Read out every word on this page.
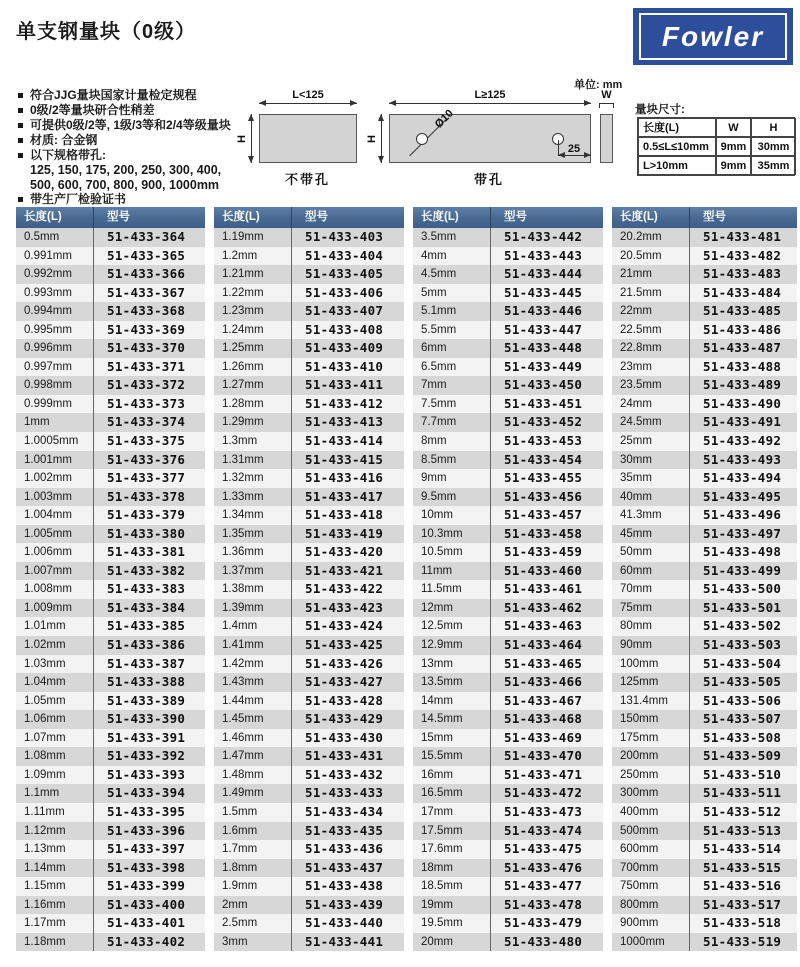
单支钢量块（0级）	Fowler
符合JJG量块国家计量检定规程
0级/2等量块研合性稍差
可提供0级/2等, 1级/3等和2/4等级量块
材质: 合金钢
以下规格带孔:
125, 150, 175, 200, 250, 300, 400,
500, 600, 700, 800, 900, 1000mm
带生产厂检验证书
单位: mm
L<125
H
不带孔
L≥125
H
Ø10
25
带孔
W
量块尺寸:
长度(L)	W	H
0.5≤L≤10mm	9mm	30mm
L>10mm	9mm	35mm
长度(L)	型号
0.5mm	51-433-364
0.991mm	51-433-365
0.992mm	51-433-366
0.993mm	51-433-367
0.994mm	51-433-368
0.995mm	51-433-369
0.996mm	51-433-370
0.997mm	51-433-371
0.998mm	51-433-372
0.999mm	51-433-373
1mm	51-433-374
1.0005mm	51-433-375
1.001mm	51-433-376
1.002mm	51-433-377
1.003mm	51-433-378
1.004mm	51-433-379
1.005mm	51-433-380
1.006mm	51-433-381
1.007mm	51-433-382
1.008mm	51-433-383
1.009mm	51-433-384
1.01mm	51-433-385
1.02mm	51-433-386
1.03mm	51-433-387
1.04mm	51-433-388
1.05mm	51-433-389
1.06mm	51-433-390
1.07mm	51-433-391
1.08mm	51-433-392
1.09mm	51-433-393
1.1mm	51-433-394
1.11mm	51-433-395
1.12mm	51-433-396
1.13mm	51-433-397
1.14mm	51-433-398
1.15mm	51-433-399
1.16mm	51-433-400
1.17mm	51-433-401
1.18mm	51-433-402
长度(L)	型号
1.19mm	51-433-403
1.2mm	51-433-404
1.21mm	51-433-405
1.22mm	51-433-406
1.23mm	51-433-407
1.24mm	51-433-408
1.25mm	51-433-409
1.26mm	51-433-410
1.27mm	51-433-411
1.28mm	51-433-412
1.29mm	51-433-413
1.3mm	51-433-414
1.31mm	51-433-415
1.32mm	51-433-416
1.33mm	51-433-417
1.34mm	51-433-418
1.35mm	51-433-419
1.36mm	51-433-420
1.37mm	51-433-421
1.38mm	51-433-422
1.39mm	51-433-423
1.4mm	51-433-424
1.41mm	51-433-425
1.42mm	51-433-426
1.43mm	51-433-427
1.44mm	51-433-428
1.45mm	51-433-429
1.46mm	51-433-430
1.47mm	51-433-431
1.48mm	51-433-432
1.49mm	51-433-433
1.5mm	51-433-434
1.6mm	51-433-435
1.7mm	51-433-436
1.8mm	51-433-437
1.9mm	51-433-438
2mm	51-433-439
2.5mm	51-433-440
3mm	51-433-441
长度(L)	型号
3.5mm	51-433-442
4mm	51-433-443
4.5mm	51-433-444
5mm	51-433-445
5.1mm	51-433-446
5.5mm	51-433-447
6mm	51-433-448
6.5mm	51-433-449
7mm	51-433-450
7.5mm	51-433-451
7.7mm	51-433-452
8mm	51-433-453
8.5mm	51-433-454
9mm	51-433-455
9.5mm	51-433-456
10mm	51-433-457
10.3mm	51-433-458
10.5mm	51-433-459
11mm	51-433-460
11.5mm	51-433-461
12mm	51-433-462
12.5mm	51-433-463
12.9mm	51-433-464
13mm	51-433-465
13.5mm	51-433-466
14mm	51-433-467
14.5mm	51-433-468
15mm	51-433-469
15.5mm	51-433-470
16mm	51-433-471
16.5mm	51-433-472
17mm	51-433-473
17.5mm	51-433-474
17.6mm	51-433-475
18mm	51-433-476
18.5mm	51-433-477
19mm	51-433-478
19.5mm	51-433-479
20mm	51-433-480
长度(L)	型号
20.2mm	51-433-481
20.5mm	51-433-482
21mm	51-433-483
21.5mm	51-433-484
22mm	51-433-485
22.5mm	51-433-486
22.8mm	51-433-487
23mm	51-433-488
23.5mm	51-433-489
24mm	51-433-490
24.5mm	51-433-491
25mm	51-433-492
30mm	51-433-493
35mm	51-433-494
40mm	51-433-495
41.3mm	51-433-496
45mm	51-433-497
50mm	51-433-498
60mm	51-433-499
70mm	51-433-500
75mm	51-433-501
80mm	51-433-502
90mm	51-433-503
100mm	51-433-504
125mm	51-433-505
131.4mm	51-433-506
150mm	51-433-507
175mm	51-433-508
200mm	51-433-509
250mm	51-433-510
300mm	51-433-511
400mm	51-433-512
500mm	51-433-513
600mm	51-433-514
700mm	51-433-515
750mm	51-433-516
800mm	51-433-517
900mm	51-433-518
1000mm	51-433-519
